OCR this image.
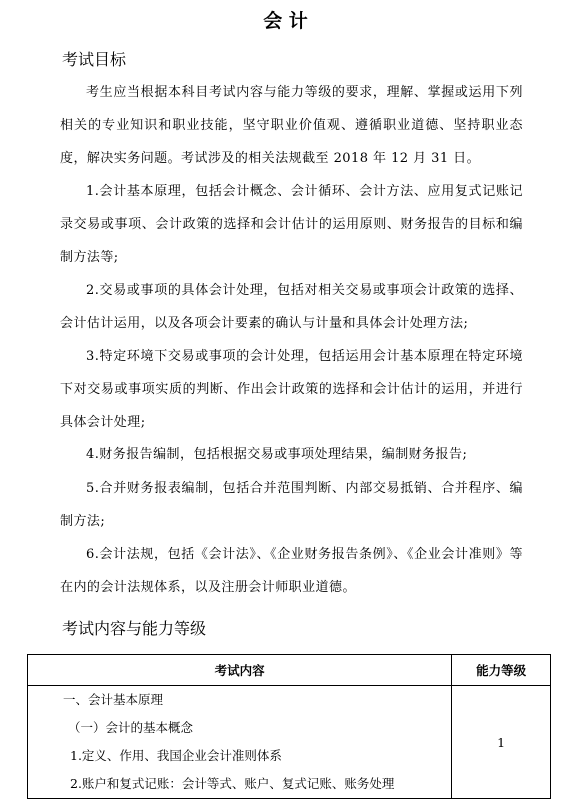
会 计
考试目标

考生应当根据本科目考试内容与能力等级的要求，理解、掌握或运用下列相关的专业知识和职业技能，坚守职业价值观、遵循职业道德、坚持职业态度，解决实务问题。考试涉及的相关法规截至 2018 年 12 月 31 日。

1.会计基本原理，包括会计概念、会计循环、会计方法、应用复式记账记录交易或事项、会计政策的选择和会计估计的运用原则、财务报告的目标和编制方法等;

2.交易或事项的具体会计处理，包括对相关交易或事项会计政策的选择、会计估计运用，以及各项会计要素的确认与计量和具体会计处理方法;

3.特定环境下交易或事项的会计处理，包括运用会计基本原理在特定环境下对交易或事项实质的判断、作出会计政策的选择和会计估计的运用，并进行具体会计处理;

4.财务报告编制，包括根据交易或事项处理结果，编制财务报告;

5.合并财务报表编制，包括合并范围判断、内部交易抵销、合并程序、编制方法;

6.会计法规，包括《会计法》、《企业财务报告条例》、《企业会计准则》等在内的会计法规体系，以及注册会计师职业道德。

考试内容与能力等级
考试内容	能力等级

一、会计基本原理
（一）会计的基本概念
1.定义、作用、我国企业会计准则体系
2.账户和复式记账：会计等式、账户、复式记账、账务处理	1
